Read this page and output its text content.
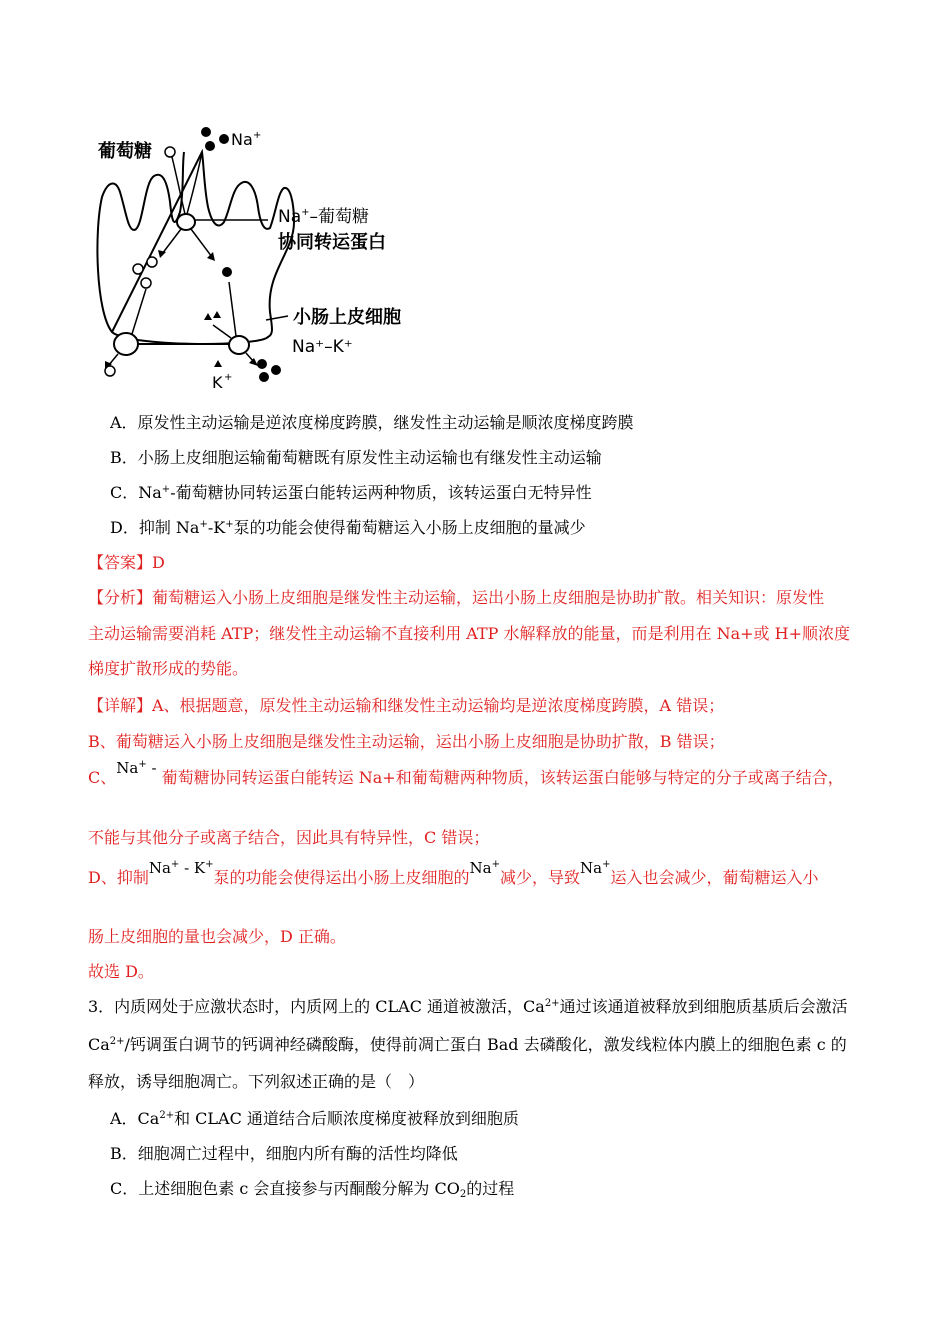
葡萄糖
Na +
Na+–葡萄糖
协同转运蛋白
小肠上皮细胞
Na⁺–K⁺
K +
A．原发性主动运输是逆浓度梯度跨膜，继发性主动运输是顺浓度梯度跨膜
B．小肠上皮细胞运输葡萄糖既有原发性主动运输也有继发性主动运输
C．Na+-葡萄糖协同转运蛋白能转运两种物质，该转运蛋白无特异性
D．抑制 Na+-K+泵的功能会使得葡萄糖运入小肠上皮细胞的量减少
【答案】D
【分析】葡萄糖运入小肠上皮细胞是继发性主动运输，运出小肠上皮细胞是协助扩散。相关知识：原发性
主动运输需要消耗 ATP；继发性主动运输不直接利用 ATP 水解释放的能量，而是利用在 Na+或 H+顺浓度
梯度扩散形成的势能。
【详解】A、根据题意，原发性主动运输和继发性主动运输均是逆浓度梯度跨膜，A 错误；
B、葡萄糖运入小肠上皮细胞是继发性主动运输，运出小肠上皮细胞是协助扩散，B 错误；
C、Na+ - 葡萄糖协同转运蛋白能转运 Na+和葡萄糖两种物质，该转运蛋白能够与特定的分子或离子结合，
不能与其他分子或离子结合，因此具有特异性，C 错误；
D、抑制Na+ - K+泵的功能会使得运出小肠上皮细胞的Na+减少，导致Na+运入也会减少，葡萄糖运入小
肠上皮细胞的量也会减少，D 正确。
故选 D。
3．内质网处于应激状态时，内质网上的 CLAC 通道被激活，$Ca^{2+}$通过该通道被释放到细胞质基质后会激活
$Ca^{2+}/$钙调蛋白调节的钙调神经磷酸酶，使得前凋亡蛋白 Bad 去磷酸化，激发线粒体内膜上的细胞色素 c 的
释放，诱导细胞凋亡。下列叙述正确的是（　）
A．$Ca^{2+}$和 CLAC 通道结合后顺浓度梯度被释放到细胞质
B．细胞凋亡过程中，细胞内所有酶的活性均降低
C．上述细胞色素 c 会直接参与丙酮酸分解为 $CO_2$的过程
